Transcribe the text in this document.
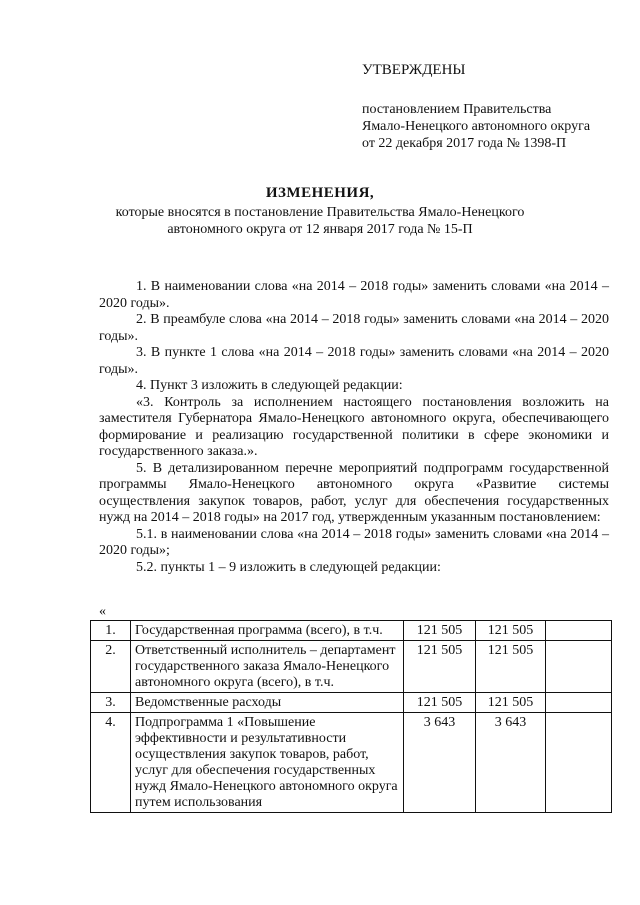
УТВЕРЖДЕНЫ
постановлением Правительства
Ямало-Ненецкого автономного округа
от 22 декабря 2017 года № 1398-П
ИЗМЕНЕНИЯ,
которые вносятся в постановление Правительства Ямало-Ненецкого
автономного округа от 12 января 2017 года № 15-П

1. В наименовании слова «на 2014 – 2018 годы» заменить словами «на 2014 – 2020 годы».

2. В преамбуле слова «на 2014 – 2018 годы» заменить словами «на 2014 – 2020 годы».

3. В пункте 1 слова «на 2014 – 2018 годы» заменить словами «на 2014 – 2020 годы».

4. Пункт 3 изложить в следующей редакции:

«3. Контроль за исполнением настоящего постановления возложить на заместителя Губернатора Ямало-Ненецкого автономного округа, обеспечивающего формирование и реализацию государственной политики в сфере экономики и государственного заказа.».

5. В детализированном перечне мероприятий подпрограмм государственной программы Ямало-Ненецкого автономного округа «Развитие системы осуществления закупок товаров, работ, услуг для обеспечения государственных нужд на 2014 – 2018 годы» на 2017 год, утвержденным указанным постановлением:

5.1. в наименовании слова «на 2014 – 2018 годы» заменить словами «на 2014 – 2020 годы»;

5.2. пункты 1 – 9 изложить в следующей редакции:

«
1.	Государственная программа (всего), в т.ч.	121 505	121 505	
2.	Ответственный исполнитель – департамент государственного заказа Ямало-Ненецкого автономного округа (всего), в т.ч.	121 505	121 505	
3.	Ведомственные расходы	121 505	121 505	
4.	Подпрограмма 1 «Повышение эффективности и результативности осуществления закупок товаров, работ, услуг для обеспечения государственных нужд Ямало-Ненецкого автономного округа путем использования	3 643	3 643	
